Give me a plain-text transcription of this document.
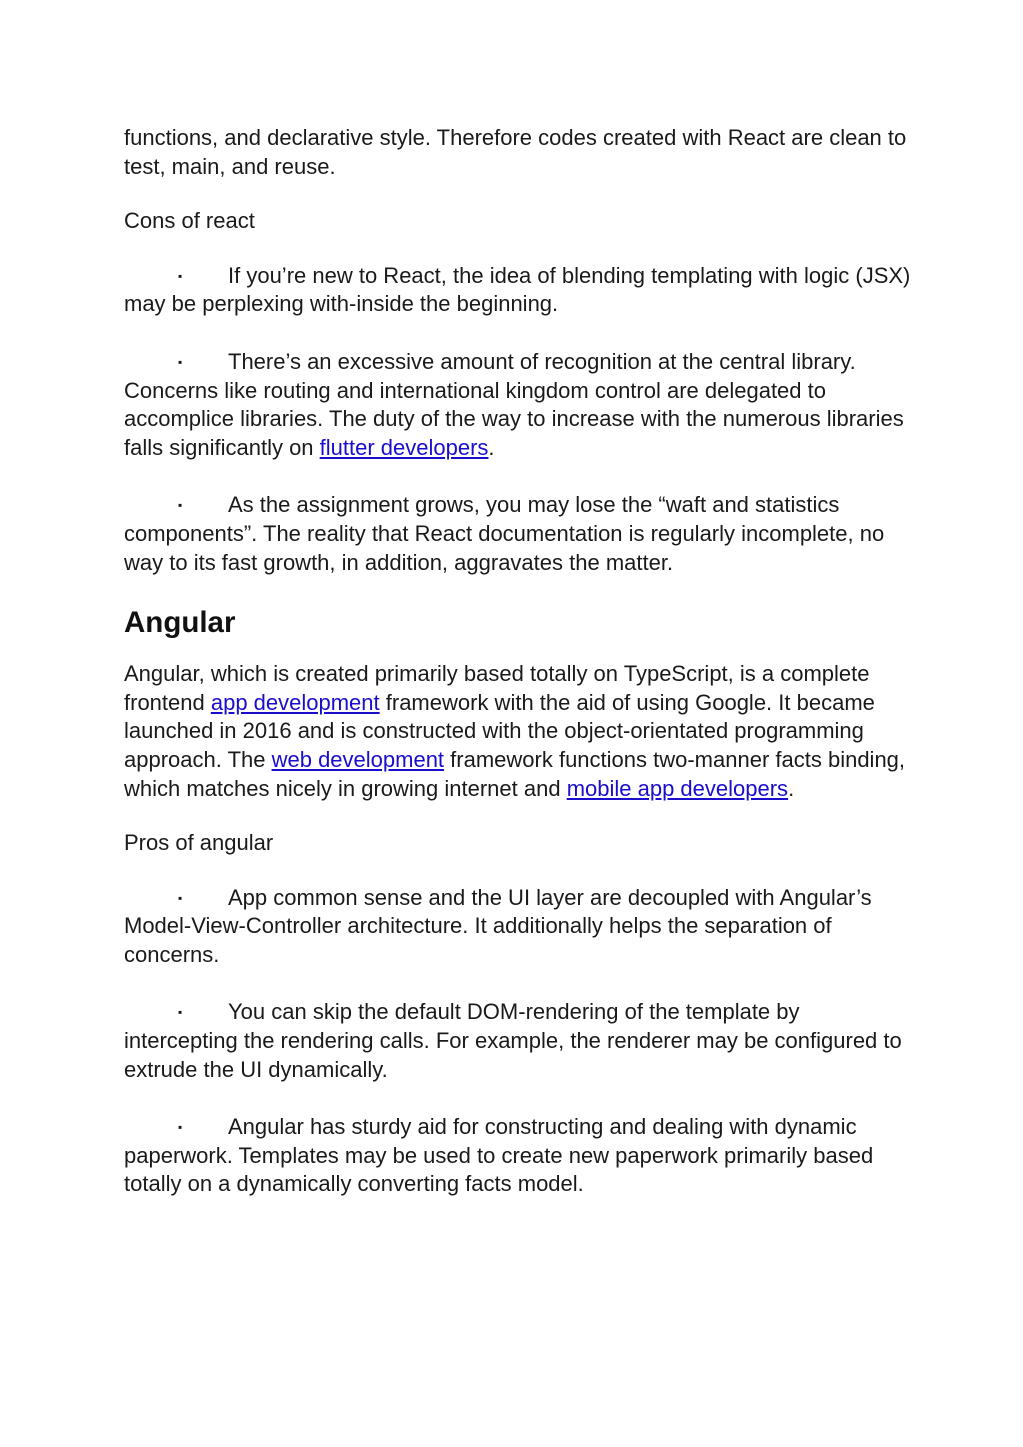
functions, and declarative style. Therefore codes created with React are clean to test, main, and reuse.

Cons of react

▪ If you’re new to React, the idea of blending templating with logic (JSX) may be perplexing with-inside the beginning.

▪ There’s an excessive amount of recognition at the central library. Concerns like routing and international kingdom control are delegated to accomplice libraries. The duty of the way to increase with the numerous libraries falls significantly on flutter developers.

▪ As the assignment grows, you may lose the “waft and statistics components”. The reality that React documentation is regularly incomplete, no way to its fast growth, in addition, aggravates the matter.

Angular

Angular, which is created primarily based totally on TypeScript, is a complete frontend app development framework with the aid of using Google. It became launched in 2016 and is constructed with the object-orientated programming approach. The web development framework functions two-manner facts binding, which matches nicely in growing internet and mobile app developers.

Pros of angular

▪ App common sense and the UI layer are decoupled with Angular’s Model-View-Controller architecture. It additionally helps the separation of concerns.

▪ You can skip the default DOM-rendering of the template by intercepting the rendering calls. For example, the renderer may be configured to extrude the UI dynamically.

▪ Angular has sturdy aid for constructing and dealing with dynamic paperwork. Templates may be used to create new paperwork primarily based totally on a dynamically converting facts model.
